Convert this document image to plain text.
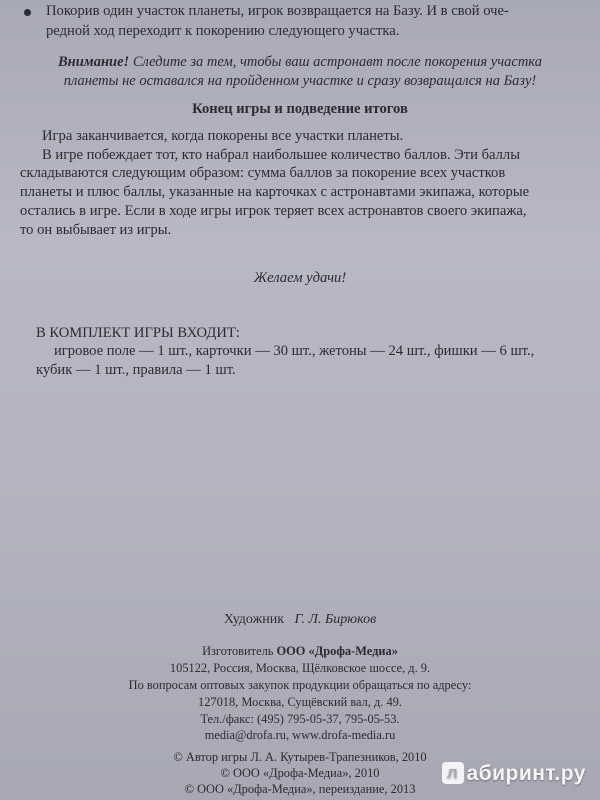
Покорив один участок планеты, игрок возвращается на Базу. И в свой оче-
редной ход переходит к покорению следующего участка.
Внимание! Следите за тем, чтобы ваш астронавт после покорения участка
планеты не оставался на пройденном участке и сразу возвращался на Базу!
Конец игры и подведение итогов
Игра заканчивается, когда покорены все участки планеты.
В игре побеждает тот, кто набрал наибольшее количество баллов. Эти баллы
складываются следующим образом: сумма баллов за покорение всех участков
планеты и плюс баллы, указанные на карточках с астронавтами экипажа, которые
остались в игре. Если в ходе игры игрок теряет всех астронавтов своего экипажа,
то он выбывает из игры.
Желаем удачи!
В КОМПЛЕКТ ИГРЫ ВХОДИТ:
игровое поле — 1 шт., карточки — 30 шт., жетоны — 24 шт., фишки — 6 шт.,
кубик — 1 шт., правила — 1 шт.
Художник Г. Л. Бирюков
Изготовитель ООО «Дрофа-Медиа»
105122, Россия, Москва, Щёлковское шоссе, д. 9.
По вопросам оптовых закупок продукции обращаться по адресу:
127018, Москва, Сущёвский вал, д. 49.
Тел./факс: (495) 795-05-37, 795-05-53.
media@drofa.ru, www.drofa-media.ru
© Автор игры Л. А. Кутырев-Трапезников, 2010
© ООО «Дрофа-Медиа», 2010
© ООО «Дрофа-Медиа», переиздание, 2013
л абиринт.ру
